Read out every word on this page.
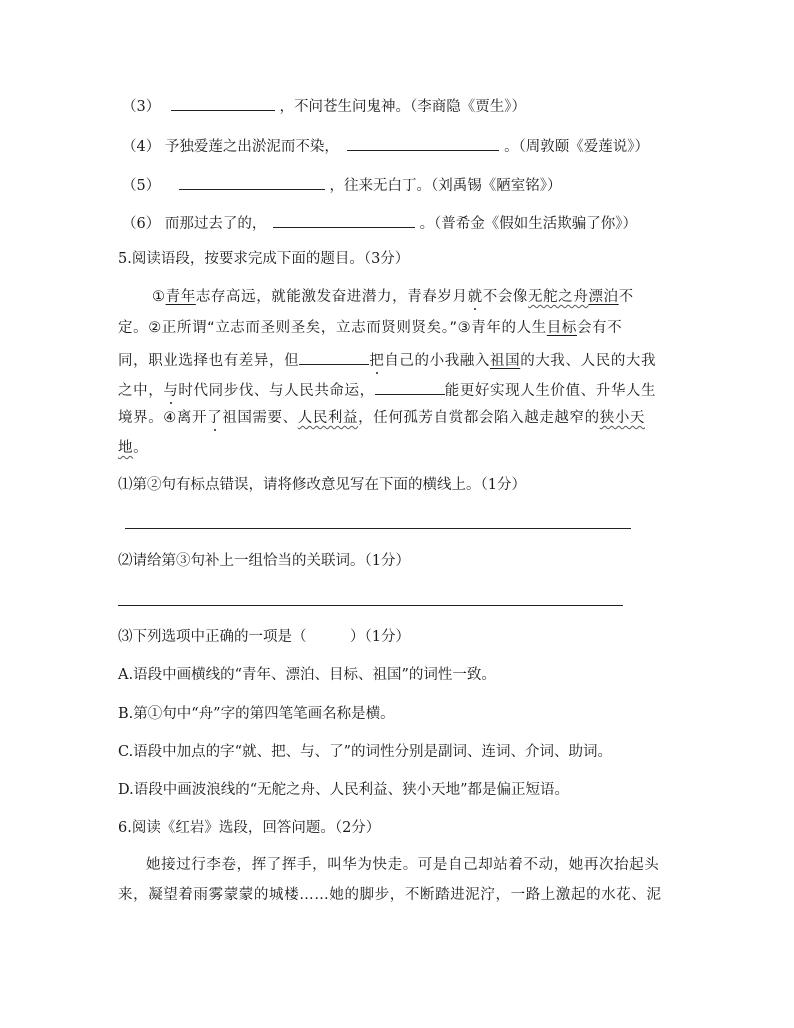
（3）	，不问苍生问鬼神。（李商隐《贾生》）
（4） 予独爱莲之出淤泥而不染，	。（周敦颐《爱莲说》）
（5）	，往来无白丁。（刘禹锡《陋室铭》）
（6） 而那过去了的，	。（普希金《假如生活欺骗了你》）
5.阅读语段，按要求完成下面的题目。（3分）
①青年志存高远，就能激发奋进潜力，青春岁月就不会像无舵之舟漂泊不
定。②正所谓“立志而圣则圣矣，立志而贤则贤矣。”③青年的人生目标会有不
同，职业选择也有差异，但	把自己的小我融入祖国的大我、人民的大我
之中，与时代同步伐、与人民共命运，	能更好实现人生价值、升华人生
境界。④离开了祖国需要、人民利益，任何孤芳自赏都会陷入越走越窄的狭小天
地。
⑴第②句有标点错误，请将修改意见写在下面的横线上。（1分）
⑵请给第③句补上一组恰当的关联词。（1分）
⑶下列选项中正确的一项是（　　　）（1分）
A.语段中画横线的“青年、漂泊、目标、祖国”的词性一致。
B.第①句中“舟”字的第四笔笔画名称是横。
C.语段中加点的字“就、把、与、了”的词性分别是副词、连词、介词、助词。
D.语段中画波浪线的“无舵之舟、人民利益、狭小天地”都是偏正短语。
6.阅读《红岩》选段，回答问题。（2分）
她接过行李卷，挥了挥手，叫华为快走。可是自己却站着不动，她再次抬起头
来，凝望着雨雾蒙蒙的城楼……她的脚步，不断踏进泥泞，一路上激起的水花、泥
